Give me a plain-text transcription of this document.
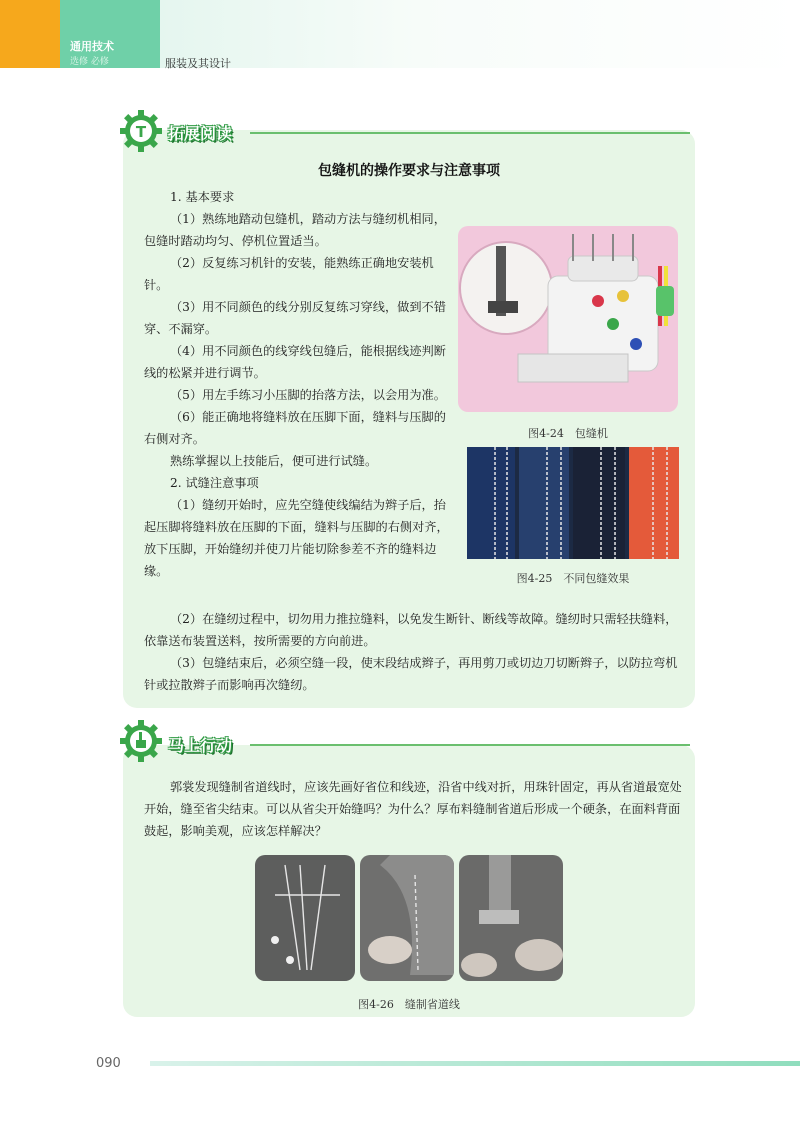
通用技术
选修 必修	服装及其设计
T 拓展阅读
包缝机的操作要求与注意事项

1. 基本要求

（1）熟练地踏动包缝机，踏动方法与缝纫机相同，包缝时踏动均匀、停机位置适当。

（2）反复练习机针的安装，能熟练正确地安装机针。

（3）用不同颜色的线分别反复练习穿线，做到不错穿、不漏穿。

（4）用不同颜色的线穿线包缝后，能根据线迹判断线的松紧并进行调节。

（5）用左手练习小压脚的抬落方法，以会用为准。

（6）能正确地将缝料放在压脚下面，缝料与压脚的右侧对齐。

熟练掌握以上技能后，便可进行试缝。

2. 试缝注意事项

（1）缝纫开始时，应先空缝使线编结为辫子后，抬起压脚将缝料放在压脚的下面，缝料与压脚的右侧对齐，放下压脚，开始缝纫并使刀片能切除参差不齐的缝料边缘。

图4-24　包缝机
图4-25　不同包缝效果

（2）在缝纫过程中，切勿用力推拉缝料，以免发生断针、断线等故障。缝纫时只需轻扶缝料，依靠送布装置送料，按所需要的方向前进。

（3）包缝结束后，必须空缝一段，使末段结成辫子，再用剪刀或切边刀切断辫子，以防拉弯机针或拉散辫子而影响再次缝纫。

马上行动

郭裳发现缝制省道线时，应该先画好省位和线迹，沿省中线对折，用珠针固定，再从省道最宽处开始，缝至省尖结束。可以从省尖开始缝吗？为什么？厚布料缝制省道后形成一个硬条，在面料背面鼓起，影响美观，应该怎样解决？

图4-26　缝制省道线
090
